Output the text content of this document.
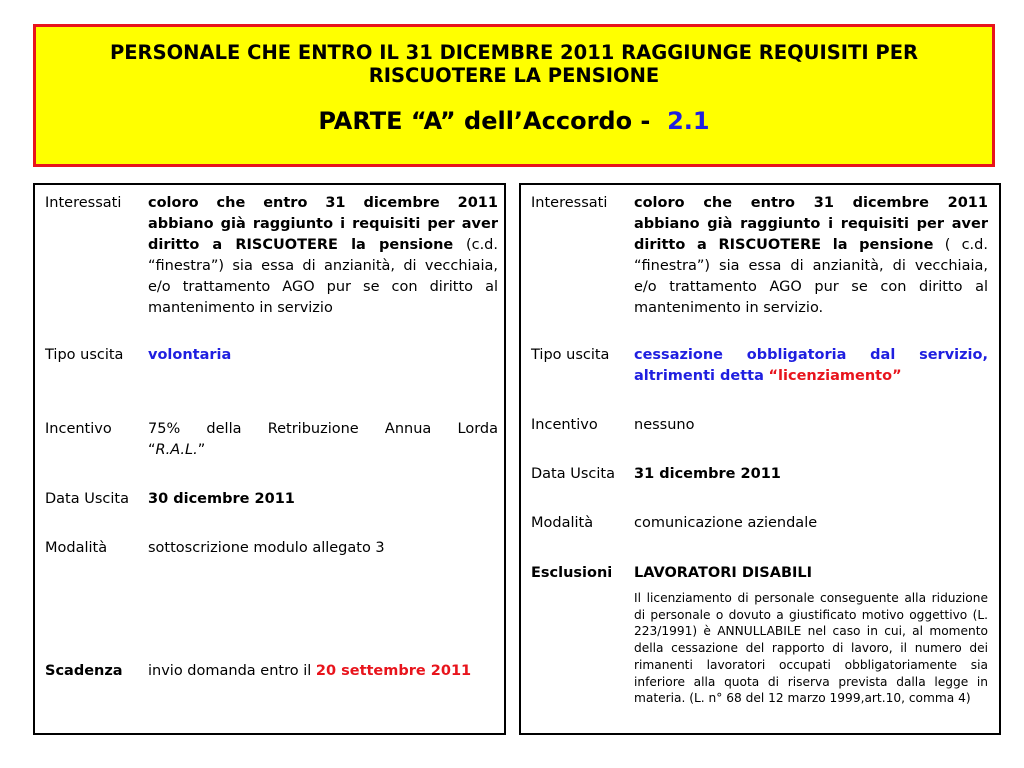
PERSONALE CHE ENTRO IL 31 DICEMBRE 2011 RAGGIUNGE REQUISITI PER
RISCUOTERE LA PENSIONE
PARTE “A” dell’Accordo - 2.1
Interessati coloro che entro 31 dicembre 2011 abbiano già raggiunto i requisiti per aver diritto a RISCUOTERE la pensione (c.d. “finestra”) sia essa di anzianità, di vecchiaia, e/o trattamento AGO pur se con diritto al mantenimento in servizio
Tipo uscita volontaria
Incentivo	75% della Retribuzione Annua Lorda
“R.A.L.”
Data Uscita 30 dicembre 2011
Modalità	sottoscrizione modulo allegato 3
Scadenza invio domanda entro il 20 settembre 2011
Interessati coloro che entro 31 dicembre 2011 abbiano già raggiunto i requisiti per aver diritto a RISCUOTERE la pensione ( c.d. “finestra”) sia essa di anzianità, di vecchiaia, e/o trattamento AGO pur se con diritto al mantenimento in servizio.
Tipo uscita cessazione obbligatoria dal servizio, altrimenti detta “licenziamento”
Incentivo	nessuno
Data Uscita 31 dicembre 2011
Modalità	comunicazione aziendale
Esclusioni LAVORATORI DISABILI
Il licenziamento di personale conseguente alla riduzione di personale o dovuto a giustificato motivo oggettivo (L. 223/1991) è ANNULLABILE nel caso in cui, al momento della cessazione del rapporto di lavoro, il numero dei rimanenti lavoratori occupati obbligatoriamente sia inferiore alla quota di riserva prevista dalla legge in materia. (L. n° 68 del 12 marzo 1999,art.10, comma 4)
